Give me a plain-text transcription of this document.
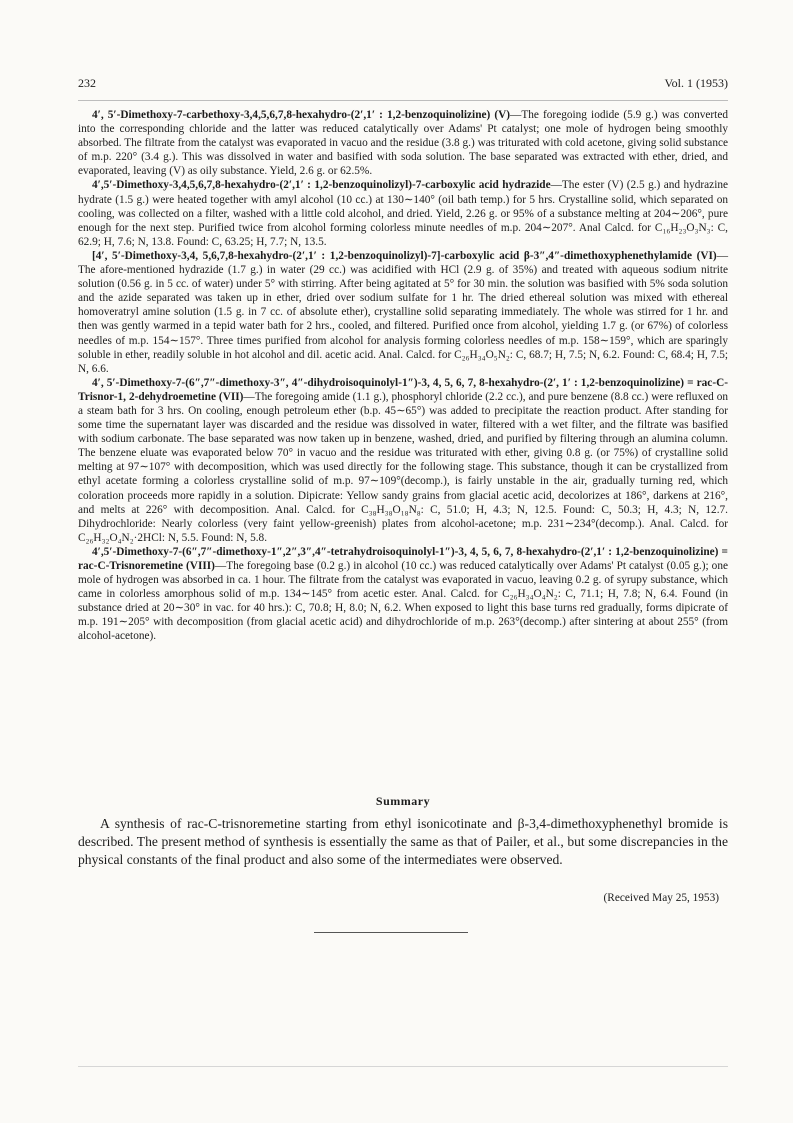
232	Vol. 1 (1953)

4′, 5′-Dimethoxy-7-carbethoxy-3,4,5,6,7,8-hexahydro-(2′,1′ : 1,2-benzoquinolizine) (V)—The foregoing iodide (5.9 g.) was converted into the corresponding chloride and the latter was reduced catalytically over Adams' Pt catalyst; one mole of hydrogen being smoothly absorbed. The filtrate from the catalyst was evaporated in vacuo and the residue (3.8 g.) was triturated with cold acetone, giving solid substance of m.p. 220° (3.4 g.). This was dissolved in water and basified with soda solution. The base separated was extracted with ether, dried, and evaporated, leaving (V) as oily substance. Yield, 2.6 g. or 62.5%.

4′,5′-Dimethoxy-3,4,5,6,7,8-hexahydro-(2′,1′ : 1,2-benzoquinolizyl)-7-carboxylic acid hydrazide—The ester (V) (2.5 g.) and hydrazine hydrate (1.5 g.) were heated together with amyl alcohol (10 cc.) at 130∼140° (oil bath temp.) for 5 hrs. Crystalline solid, which separated on cooling, was collected on a filter, washed with a little cold alcohol, and dried. Yield, 2.26 g. or 95% of a substance melting at 204∼206°, pure enough for the next step. Purified twice from alcohol forming colorless minute needles of m.p. 204∼207°. Anal Calcd. for C₁₆H₂₃O₃N₃: C, 62.9; H, 7.6; N, 13.8. Found: C, 63.25; H, 7.7; N, 13.5.

[4′, 5′-Dimethoxy-3,4, 5,6,7,8-hexahydro-(2′,1′ : 1,2-benzoquinolizyl)-7]-carboxylic acid β-3″,4″-dimethoxyphenethylamide (VI)—The afore-mentioned hydrazide (1.7 g.) in water (29 cc.) was acidified with HCl (2.9 g. of 35%) and treated with aqueous sodium nitrite solution (0.56 g. in 5 cc. of water) under 5° with stirring. After being agitated at 5° for 30 min. the solution was basified with 5% soda solution and the azide separated was taken up in ether, dried over sodium sulfate for 1 hr. The dried ethereal solution was mixed with ethereal homoveratryl amine solution (1.5 g. in 7 cc. of absolute ether), crystalline solid separating immediately. The whole was stirred for 1 hr. and then was gently warmed in a tepid water bath for 2 hrs., cooled, and filtered. Purified once from alcohol, yielding 1.7 g. (or 67%) of colorless needles of m.p. 154∼157°. Three times purified from alcohol for analysis forming colorless needles of m.p. 158∼159°, which are sparingly soluble in ether, readily soluble in hot alcohol and dil. acetic acid. Anal. Calcd. for C₂₆H₃₄O₅N₂: C, 68.7; H, 7.5; N, 6.2. Found: C, 68.4; H, 7.5; N, 6.6.

4′, 5′-Dimethoxy-7-(6″,7″-dimethoxy-3″, 4″-dihydroisoquinolyl-1″)-3, 4, 5, 6, 7, 8-hexahydro-(2′, 1′ : 1,2-benzoquinolizine) = rac-C-Trisnor-1, 2-dehydroemetine (VII)—The foregoing amide (1.1 g.), phosphoryl chloride (2.2 cc.), and pure benzene (8.8 cc.) were refluxed on a steam bath for 3 hrs. On cooling, enough petroleum ether (b.p. 45∼65°) was added to precipitate the reaction product. After standing for some time the supernatant layer was discarded and the residue was dissolved in water, filtered with a wet filter, and the filtrate was basified with sodium carbonate. The base separated was now taken up in benzene, washed, dried, and purified by filtering through an alumina column. The benzene eluate was evaporated below 70° in vacuo and the residue was triturated with ether, giving 0.8 g. (or 75%) of crystalline solid melting at 97∼107° with decomposition, which was used directly for the following stage. This substance, though it can be crystallized from ethyl acetate forming a colorless crystalline solid of m.p. 97∼109°(decomp.), is fairly unstable in the air, gradually turning red, which coloration proceeds more rapidly in a solution. Dipicrate: Yellow sandy grains from glacial acetic acid, decolorizes at 186°, darkens at 216°, and melts at 226° with decomposition. Anal. Calcd. for C₃₈H₃₈O₁₈N₈: C, 51.0; H, 4.3; N, 12.5. Found: C, 50.3; H, 4.3; N, 12.7. Dihydrochloride: Nearly colorless (very faint yellow-greenish) plates from alcohol-acetone; m.p. 231∼234°(decomp.). Anal. Calcd. for C₂₆H₃₂O₄N₂·2HCl: N, 5.5. Found: N, 5.8.

4′,5′-Dimethoxy-7-(6″,7″-dimethoxy-1″,2″,3″,4″-tetrahydroisoquinolyl-1″)-3, 4, 5, 6, 7, 8-hexahydro-(2′,1′ : 1,2-benzoquinolizine) = rac-C-Trisnoremetine (VIII)—The foregoing base (0.2 g.) in alcohol (10 cc.) was reduced catalytically over Adams' Pt catalyst (0.05 g.); one mole of hydrogen was absorbed in ca. 1 hour. The filtrate from the catalyst was evaporated in vacuo, leaving 0.2 g. of syrupy substance, which came in colorless amorphous solid of m.p. 134∼145° from acetic ester. Anal. Calcd. for C₂₆H₃₄O₄N₂: C, 71.1; H, 7.8; N, 6.4. Found (in substance dried at 20∼30° in vac. for 40 hrs.): C, 70.8; H, 8.0; N, 6.2. When exposed to light this base turns red gradually, forms dipicrate of m.p. 191∼205° with decomposition (from glacial acetic acid) and dihydrochloride of m.p. 263°(decomp.) after sintering at about 255° (from alcohol-acetone).

Summary

A synthesis of rac-C-trisnoremetine starting from ethyl isonicotinate and β-3,4-dimethoxyphenethyl bromide is described. The present method of synthesis is essentially the same as that of Pailer, et al., but some discrepancies in the physical constants of the final product and also some of the intermediates were observed.

(Received May 25, 1953)
